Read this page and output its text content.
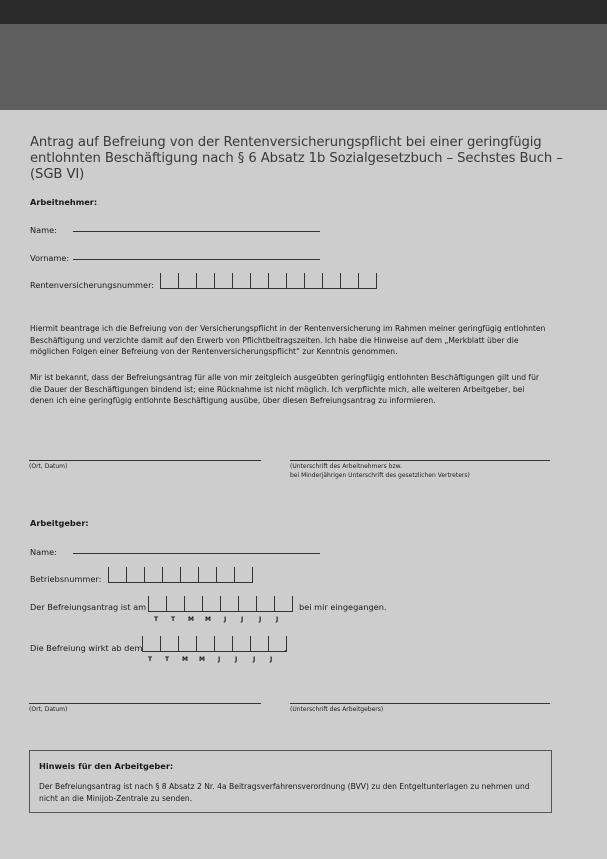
Antrag auf Befreiung von der Rentenversicherungspflicht bei einer geringfügig entlohnten Beschäftigung nach § 6 Absatz 1b Sozialgesetzbuch – Sechstes Buch – (SGB VI)
Arbeitnehmer:
Name:
Vorname:
Rentenversicherungsnummer:
Hiermit beantrage ich die Befreiung von der Versicherungspflicht in der Rentenversicherung im Rahmen meiner geringfügig entlohnten Beschäftigung und verzichte damit auf den Erwerb von Pflichtbeitragszeiten. Ich habe die Hinweise auf dem „Merkblatt über die möglichen Folgen einer Befreiung von der Rentenversicherungspflicht“ zur Kenntnis genommen.
Mir ist bekannt, dass der Befreiungsantrag für alle von mir zeitgleich ausgeübten geringfügig entlohnten Beschäftigungen gilt und für die Dauer der Beschäftigungen bindend ist; eine Rücknahme ist nicht möglich. Ich verpflichte mich, alle weiteren Arbeitgeber, bei denen ich eine geringfügig entlohnte Beschäftigung ausübe, über diesen Befreiungsantrag zu informieren.
(Ort, Datum)	(Unterschrift des Arbeitnehmers bzw.
bei Minderjährigen Unterschrift des gesetzlichen Vertreters)
Arbeitgeber:
Name:
Betriebsnummer:
Der Befreiungsantrag ist am	bei mir eingegangen.
T T M M J J	J J
Die Befreiung wirkt ab dem	.
T T M M J J	J J
(Ort, Datum)	(Unterschrift des Arbeitgebers)
Hinweis für den Arbeitgeber:
Der Befreiungsantrag ist nach § 8 Absatz 2 Nr. 4a Beitragsverfahrensverordnung (BVV) zu den Entgeltunterlagen zu nehmen und nicht an die Minijob-Zentrale zu senden.
